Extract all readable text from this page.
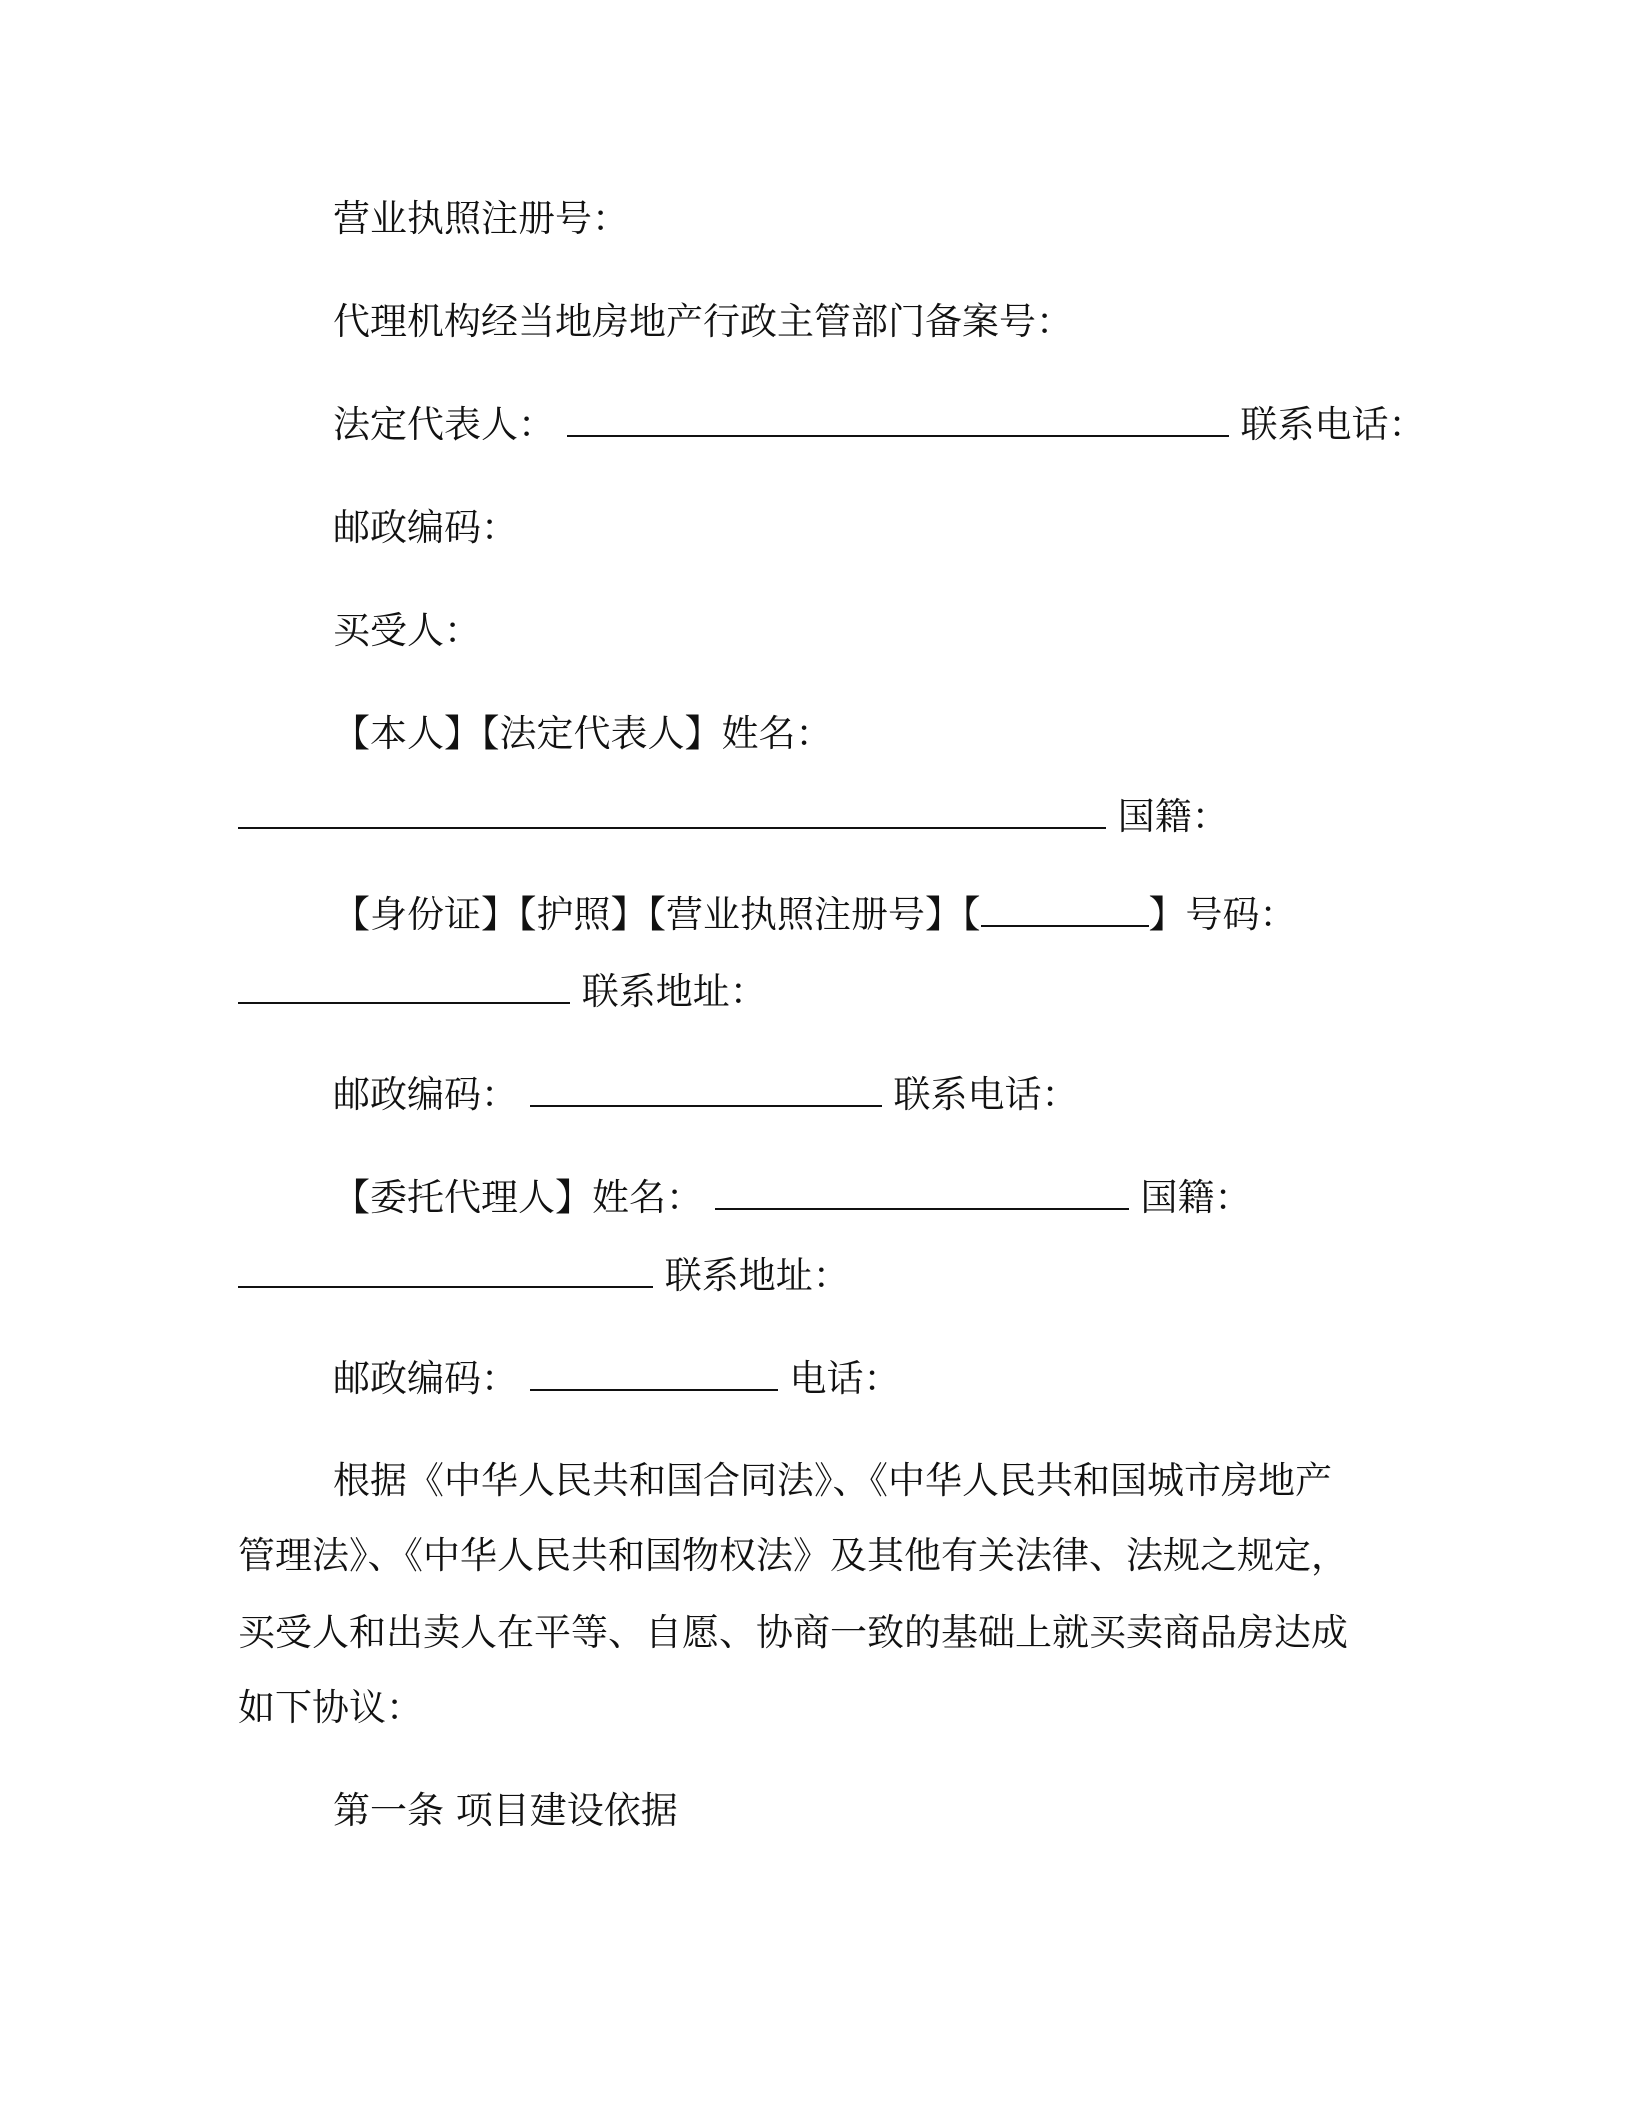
营业执照注册号：
代理机构经当地房地产行政主管部门备案号：
法定代表人：	联系电话：
邮政编码：
买受人：
【本人】【法定代表人】姓名：
国籍：
【身份证】【护照】【营业执照注册号】【	】号码：
联系地址：
邮政编码：	联系电话：
【委托代理人】姓名：	国籍：
联系地址：
邮政编码：	电话：
根据《中华人民共和国合同法》、《中华人民共和国城市房地产
管理法》、《中华人民共和国物权法》及其他有关法律、法规之规定，
买受人和出卖人在平等、自愿、协商一致的基础上就买卖商品房达成
如下协议：
第一条 项目建设依据
